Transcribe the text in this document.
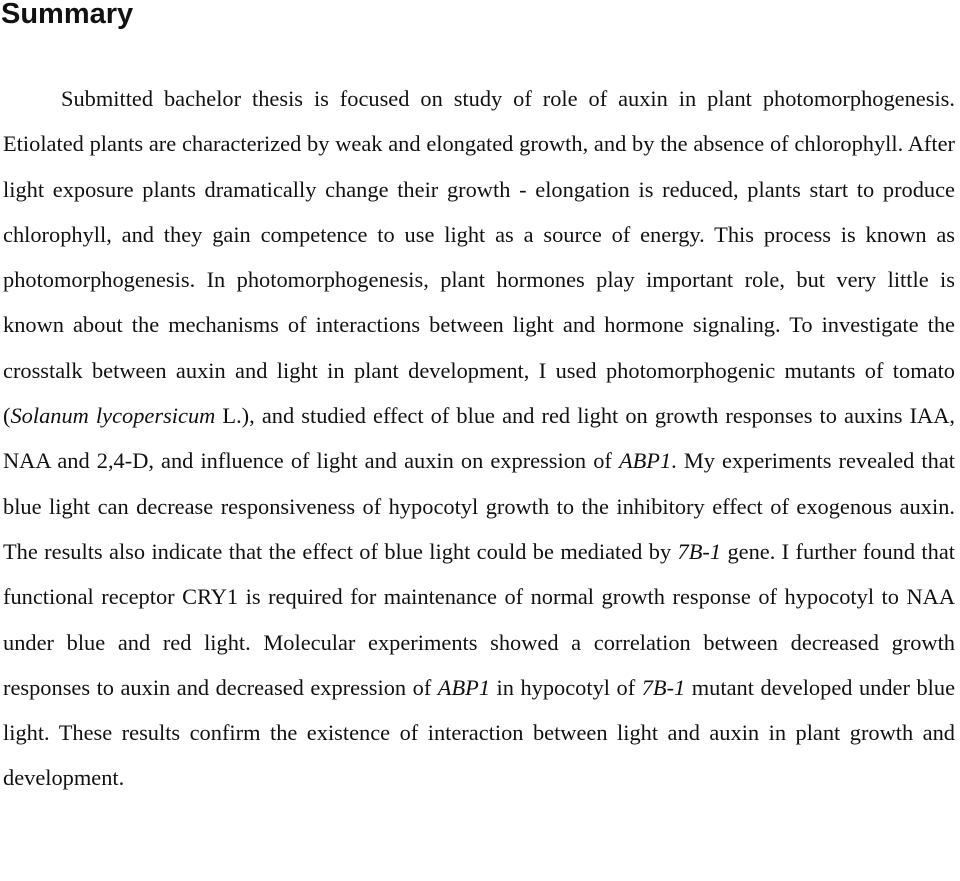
Summary

Submitted bachelor thesis is focused on study of role of auxin in plant photomorphogenesis. Etiolated plants are characterized by weak and elongated growth, and by the absence of chlorophyll. After light exposure plants dramatically change their growth - elongation is reduced, plants start to produce chlorophyll, and they gain competence to use light as a source of energy. This process is known as photomorphogenesis. In photomorphogenesis, plant hormones play important role, but very little is known about the mechanisms of interactions between light and hormone signaling. To investigate the crosstalk between auxin and light in plant development, I used photomorphogenic mutants of tomato (Solanum lycopersicum L.), and studied effect of blue and red light on growth responses to auxins IAA, NAA and 2,4-D, and influence of light and auxin on expression of ABP1. My experiments revealed that blue light can decrease responsiveness of hypocotyl growth to the inhibitory effect of exogenous auxin. The results also indicate that the effect of blue light could be mediated by 7B-1 gene. I further found that functional receptor CRY1 is required for maintenance of normal growth response of hypocotyl to NAA under blue and red light. Molecular experiments showed a correlation between decreased growth responses to auxin and decreased expression of ABP1 in hypocotyl of 7B-1 mutant developed under blue light. These results confirm the existence of interaction between light and auxin in plant growth and development.
